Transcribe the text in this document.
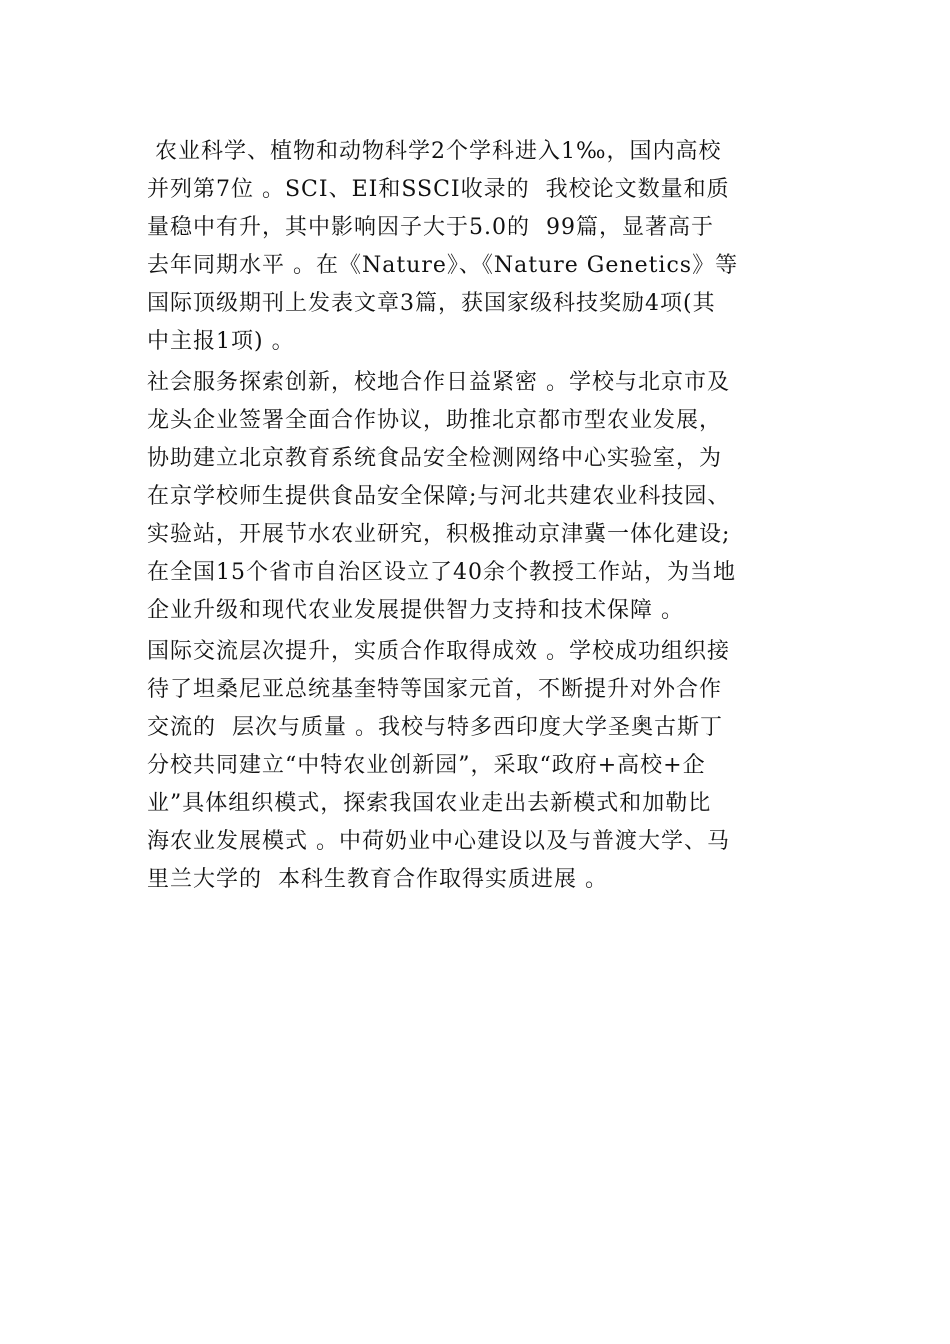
农业科学、植物和动物科学2个学科进入1‰，国内高校
并列第7位 。SCI、EI和SSCI收录的  我校论文数量和质
量稳中有升，其中影响因子大于5.0的  99篇，显著高于
去年同期水平 。在《Nature》、《Nature Genetics》等
国际顶级期刊上发表文章3篇，获国家级科技奖励4项(其
中主报1项) 。

社会服务探索创新，校地合作日益紧密 。学校与北京市及
龙头企业签署全面合作协议，助推北京都市型农业发展，
协助建立北京教育系统食品安全检测网络中心实验室，为
在京学校师生提供食品安全保障;与河北共建农业科技园、
实验站，开展节水农业研究，积极推动京津冀一体化建设;
在全国15个省市自治区设立了40余个教授工作站，为当地
企业升级和现代农业发展提供智力支持和技术保障 。

国际交流层次提升，实质合作取得成效 。学校成功组织接
待了坦桑尼亚总统基奎特等国家元首，不断提升对外合作
交流的  层次与质量 。我校与特多西印度大学圣奥古斯丁
分校共同建立“中特农业创新园”，采取“政府+高校+企
业”具体组织模式，探索我国农业走出去新模式和加勒比
海农业发展模式 。中荷奶业中心建设以及与普渡大学、马
里兰大学的  本科生教育合作取得实质进展 。
